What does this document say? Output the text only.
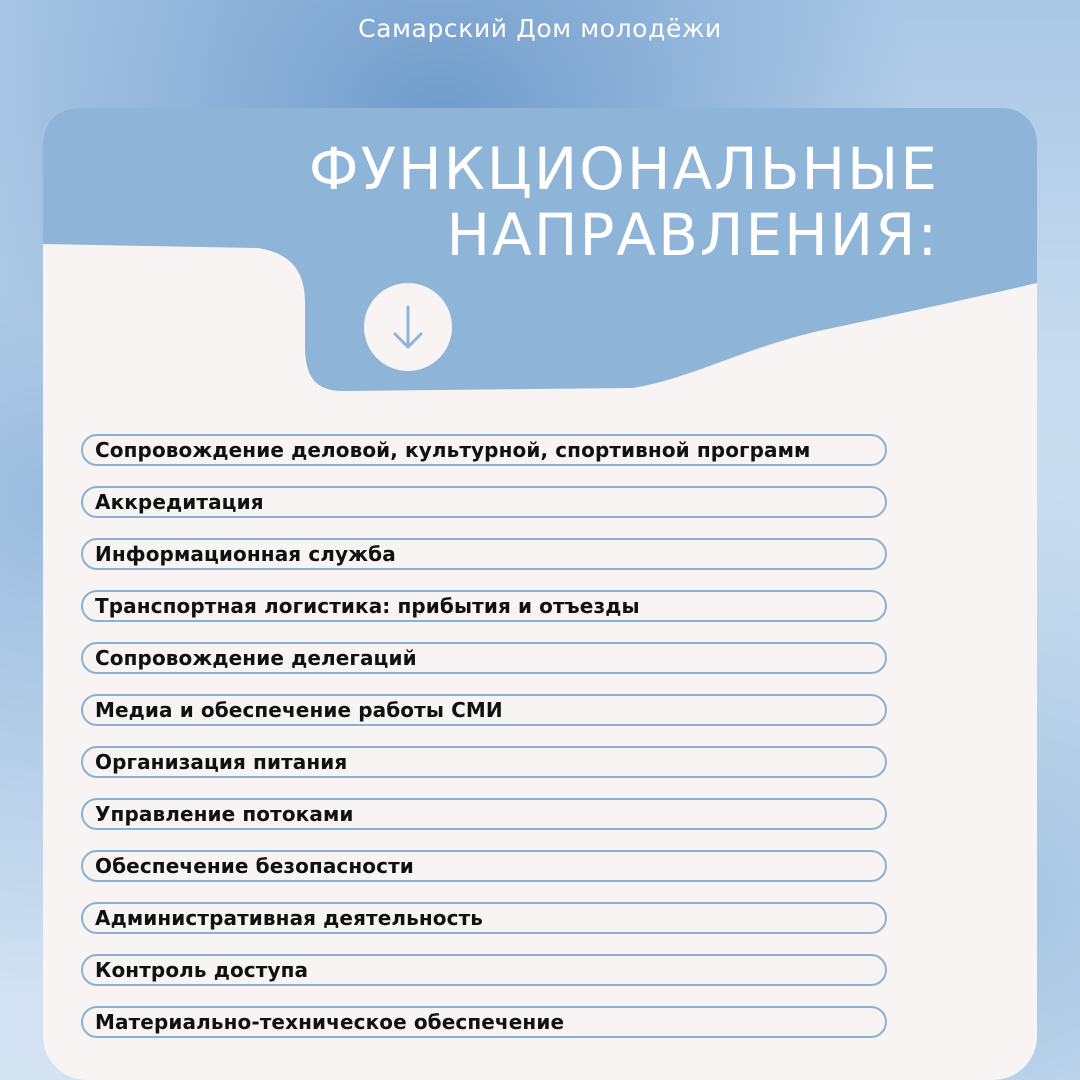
Самарский Дом молодёжи
ФУНКЦИОНАЛЬНЫЕ
НАПРАВЛЕНИЯ:
Сопровождение деловой, культурной, спортивной программ
Аккредитация
Информационная служба
Транспортная логистика: прибытия и отъезды
Сопровождение делегаций
Медиа и обеспечение работы СМИ
Организация питания
Управление потоками
Обеспечение безопасности
Административная деятельность
Контроль доступа
Материально-техническое обеспечение
